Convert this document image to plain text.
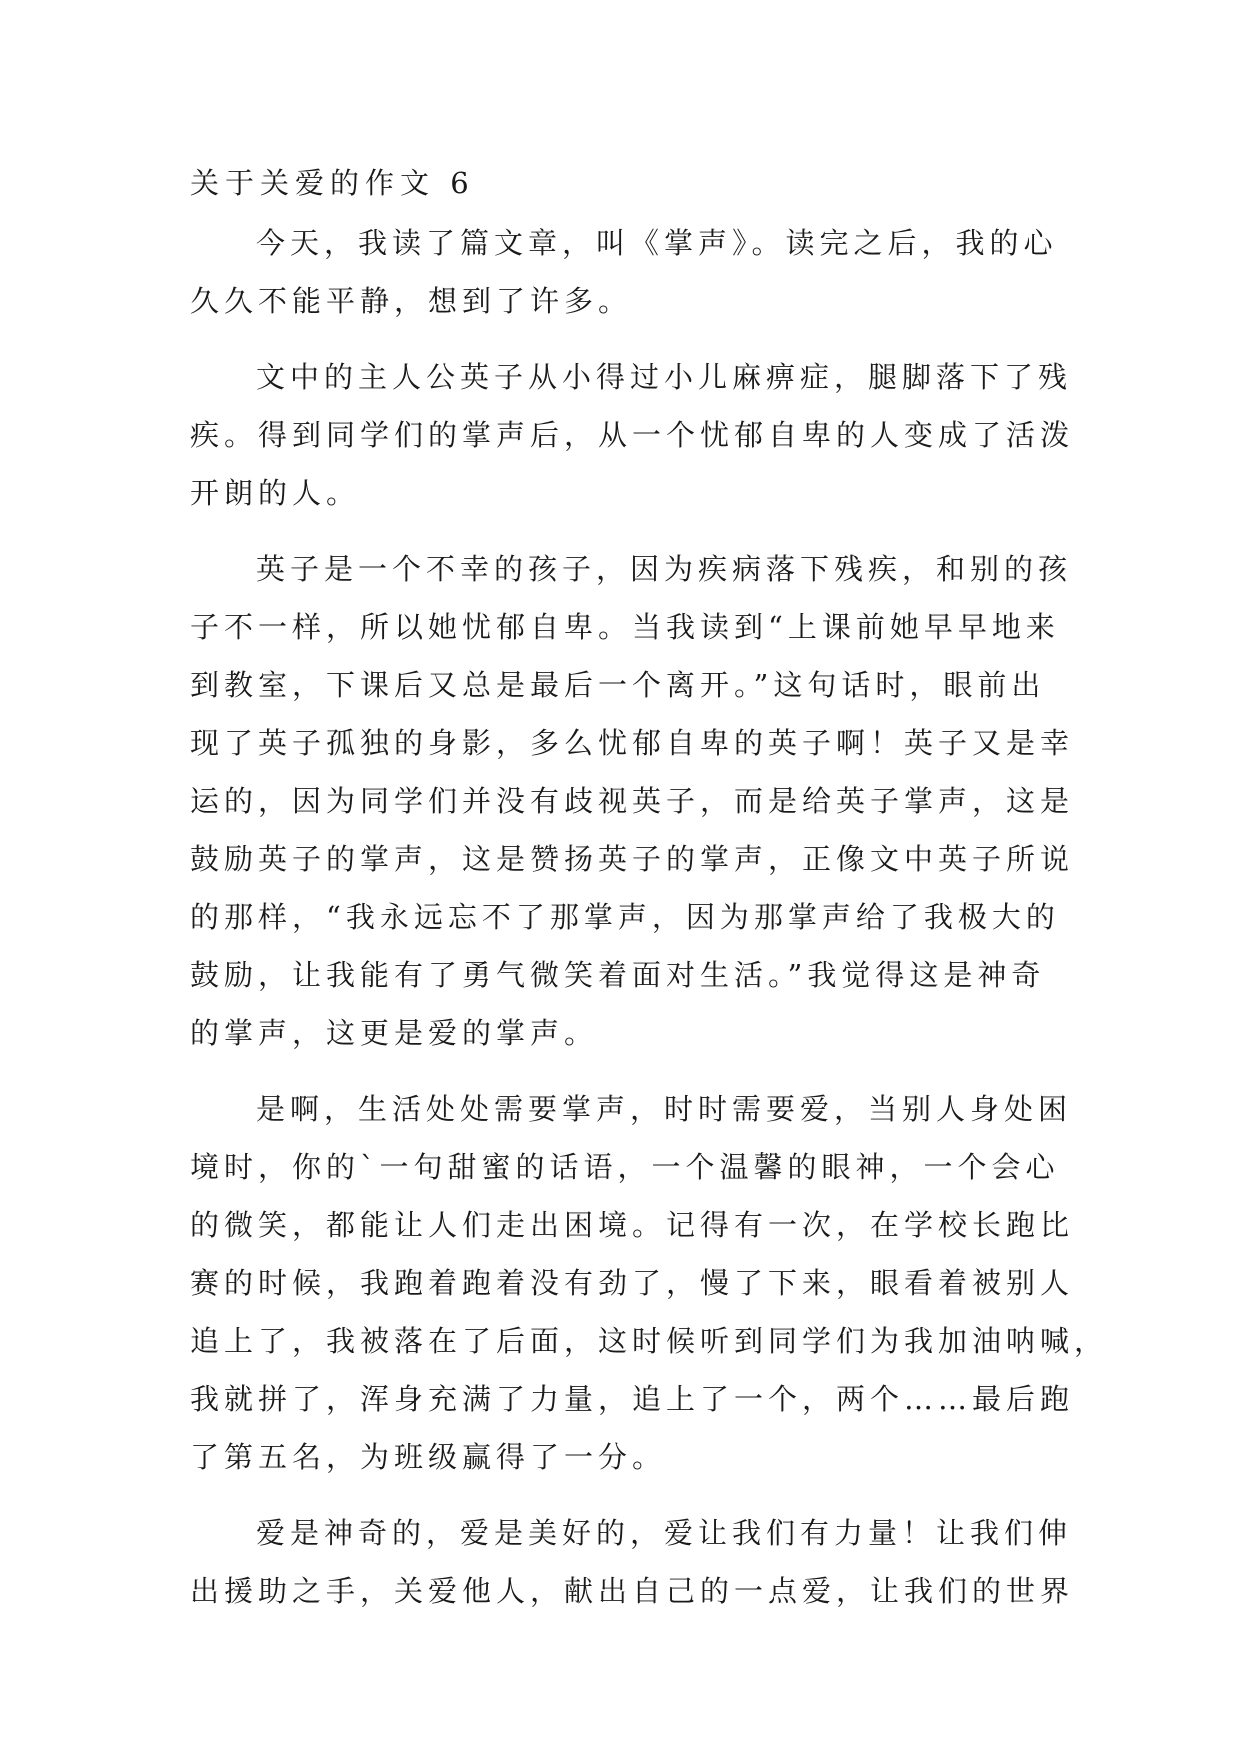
关于关爱的作文 6
今天，我读了篇文章，叫《掌声》。读完之后，我的心
久久不能平静，想到了许多。
文中的主人公英子从小得过小儿麻痹症，腿脚落下了残
疾。得到同学们的掌声后，从一个忧郁自卑的人变成了活泼
开朗的人。
英子是一个不幸的孩子，因为疾病落下残疾，和别的孩
子不一样，所以她忧郁自卑。当我读到“上课前她早早地来
到教室，下课后又总是最后一个离开。”这句话时，眼前出
现了英子孤独的身影，多么忧郁自卑的英子啊！英子又是幸
运的，因为同学们并没有歧视英子，而是给英子掌声，这是
鼓励英子的掌声，这是赞扬英子的掌声，正像文中英子所说
的那样，“我永远忘不了那掌声，因为那掌声给了我极大的
鼓励，让我能有了勇气微笑着面对生活。”我觉得这是神奇
的掌声，这更是爱的掌声。
是啊，生活处处需要掌声，时时需要爱，当别人身处困
境时，你的`一句甜蜜的话语，一个温馨的眼神，一个会心
的微笑，都能让人们走出困境。记得有一次，在学校长跑比
赛的时候，我跑着跑着没有劲了，慢了下来，眼看着被别人
追上了，我被落在了后面，这时候听到同学们为我加油呐喊，
我就拼了，浑身充满了力量，追上了一个，两个……最后跑
了第五名，为班级赢得了一分。
爱是神奇的，爱是美好的，爱让我们有力量！让我们伸
出援助之手，关爱他人，献出自己的一点爱，让我们的世界
